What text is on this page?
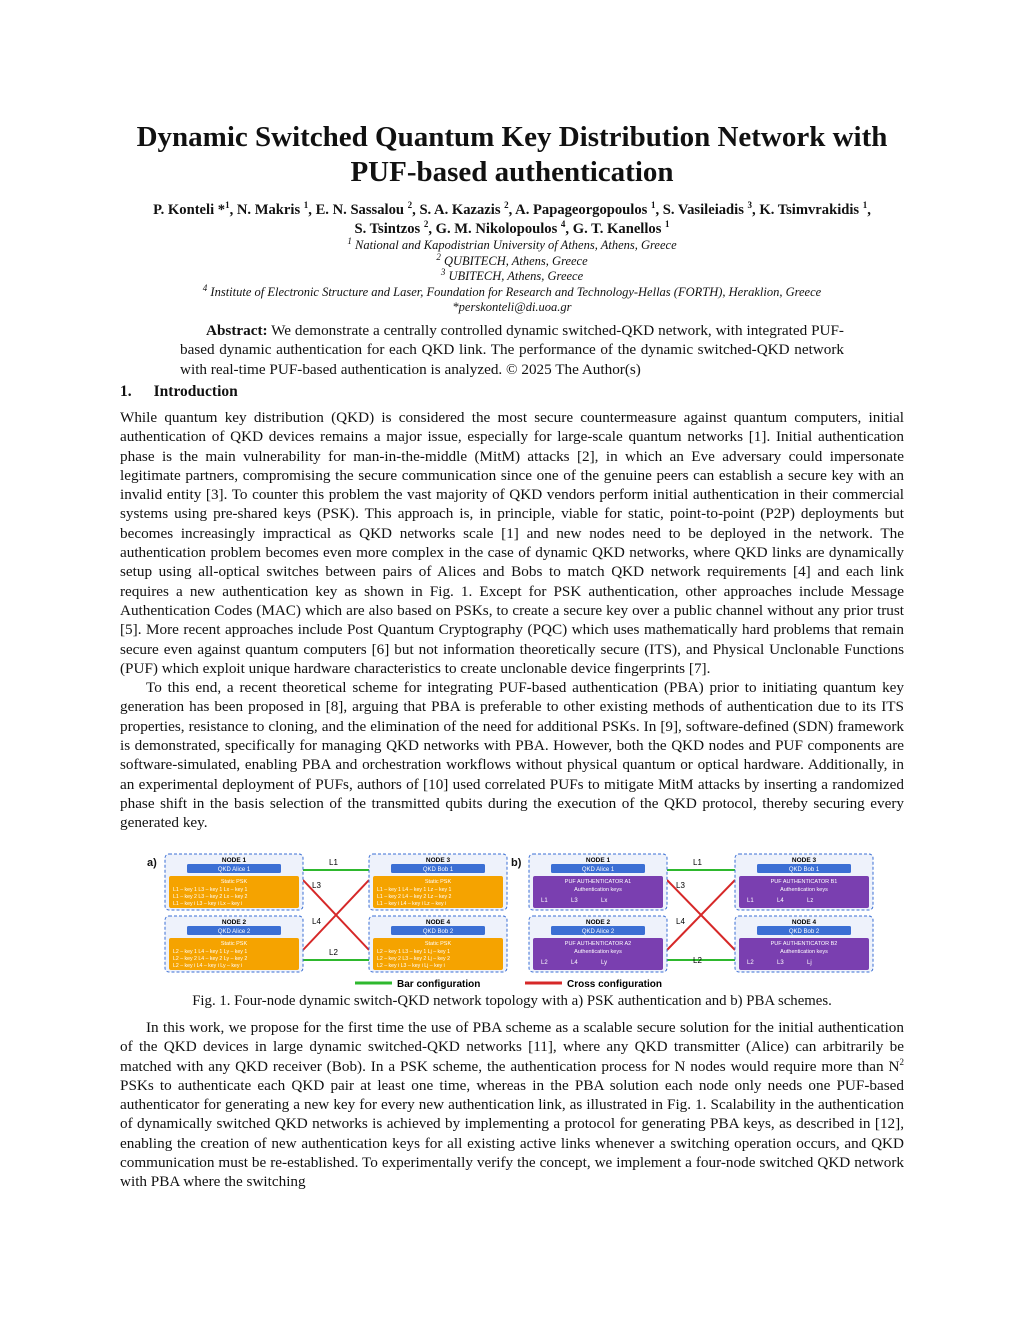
Dynamic Switched Quantum Key Distribution Network with PUF-based authentication
P. Konteli *$^1$, N. Makris $^1$, E. N. Sassalou $^2$, S. A. Kazazis $^2$, A. Papageorgopoulos $^1$, S. Vasileiadis $^3$, K. Tsimvrakidis $^1$, S. Tsintzos $^2$, G. M. Nikolopoulos $^4$, G. T. Kanellos $^1$
$^1$ National and Kapodistrian University of Athens, Athens, Greece
$^2$ QUBITECH, Athens, Greece
$^3$ UBITECH, Athens, Greece
$^4$ Institute of Electronic Structure and Laser, Foundation for Research and Technology-Hellas (FORTH), Heraklion, Greece
*perskonteli@di.uoa.gr
Abstract: We demonstrate a centrally controlled dynamic switched-QKD network, with integrated PUF-based dynamic authentication for each QKD link. The performance of the dynamic switched-QKD network with real-time PUF-based authentication is analyzed. © 2025 The Author(s)
1. Introduction

While quantum key distribution (QKD) is considered the most secure countermeasure against quantum computers, initial authentication of QKD devices remains a major issue, especially for large-scale quantum networks [1]. Initial authentication phase is the main vulnerability for man-in-the-middle (MitM) attacks [2], in which an Eve adversary could impersonate legitimate partners, compromising the secure communication since one of the genuine peers can establish a secure key with an invalid entity [3]. To counter this problem the vast majority of QKD vendors perform initial authentication in their commercial systems using pre-shared keys (PSK). This approach is, in principle, viable for static, point-to-point (P2P) deployments but becomes increasingly impractical as QKD networks scale [1] and new nodes need to be deployed in the network. The authentication problem becomes even more complex in the case of dynamic QKD networks, where QKD links are dynamically setup using all-optical switches between pairs of Alices and Bobs to match QKD network requirements [4] and each link requires a new authentication key as shown in Fig. 1. Except for PSK authentication, other approaches include Message Authentication Codes (MAC) which are also based on PSKs, to create a secure key over a public channel without any prior trust [5]. More recent approaches include Post Quantum Cryptography (PQC) which uses mathematically hard problems that remain secure even against quantum computers [6] but not information theoretically secure (ITS), and Physical Unclonable Functions (PUF) which exploit unique hardware characteristics to create unclonable device fingerprints [7].

To this end, a recent theoretical scheme for integrating PUF-based authentication (PBA) prior to initiating quantum key generation has been proposed in [8], arguing that PBA is preferable to other existing methods of authentication due to its ITS properties, resistance to cloning, and the elimination of the need for additional PSKs. In [9], software-defined (SDN) framework is demonstrated, specifically for managing QKD networks with PBA. However, both the QKD nodes and PUF components are software-simulated, enabling PBA and orchestration workflows without physical quantum or optical hardware. Additionally, in an experimental deployment of PUFs, authors of [10] used correlated PUFs to mitigate MitM attacks by inserting a randomized phase shift in the basis selection of the transmitted qubits during the execution of the QKD protocol, thereby securing every generated key.

a)	L1
L3
L4
L2
NODE 1
QKD Alice 1
Static PSK
L1 – key 1 L3 – key 1 Lx – key 1
L1 – key 2 L3 – key 2 Lx – key 2
L1 – key i L3 – key i Lx – key i
NODE 2
QKD Alice 2
Static PSK
L2 – key 1 L4 – key 1 Ly – key 1
L2 – key 2 L4 – key 2 Ly – key 2
L2 – key i L4 – key i Ly – key i
NODE 3
QKD Bob 1
Static PSK
L1 – key 1 L4 – key 1 Lz – key 1
L1 – key 2 L4 – key 2 Lz – key 2
L1 – key i L4 – key i Lz – key i
NODE 4
QKD Bob 2
Static PSK
L2 – key 1 L3 – key 1 Lj – key 1
L2 – key 2 L3 – key 2 Lj – key 2
L2 – key i L3 – key i Lj – key i
b)	L1
L3
L4
L2
NODE 1
QKD Alice 1
PUF AUTHENTICATOR A1
Authentication keys
L1	L3	Lx
NODE 2
QKD Alice 2
PUF AUTHENTICATOR A2
Authentication keys
L2	L4	Ly
NODE 3
QKD Bob 1
PUF AUTHENTICATOR B1
Authentication keys
L1	L4	Lz
NODE 4
QKD Bob 2
PUF AUTHENTICATOR B2
Authentication keys
L2	L3	Lj
Bar configuration	Cross configuration
Fig. 1. Four-node dynamic switch-QKD network topology with a) PSK authentication and b) PBA schemes.

In this work, we propose for the first time the use of PBA scheme as a scalable secure solution for the initial authentication of the QKD devices in large dynamic switched-QKD networks [11], where any QKD transmitter (Alice) can arbitrarily be matched with any QKD receiver (Bob). In a PSK scheme, the authentication process for N nodes would require more than $N^2$ PSKs to authenticate each QKD pair at least one time, whereas in the PBA solution each node only needs one PUF-based authenticator for generating a new key for every new authentication link, as illustrated in Fig. 1. Scalability in the authentication of dynamically switched QKD networks is achieved by implementing a protocol for generating PBA keys, as described in [12], enabling the creation of new authentication keys for all existing active links whenever a switching operation occurs, and QKD communication must be re-established. To experimentally verify the concept, we implement a four-node switched QKD network with PBA where the switching
